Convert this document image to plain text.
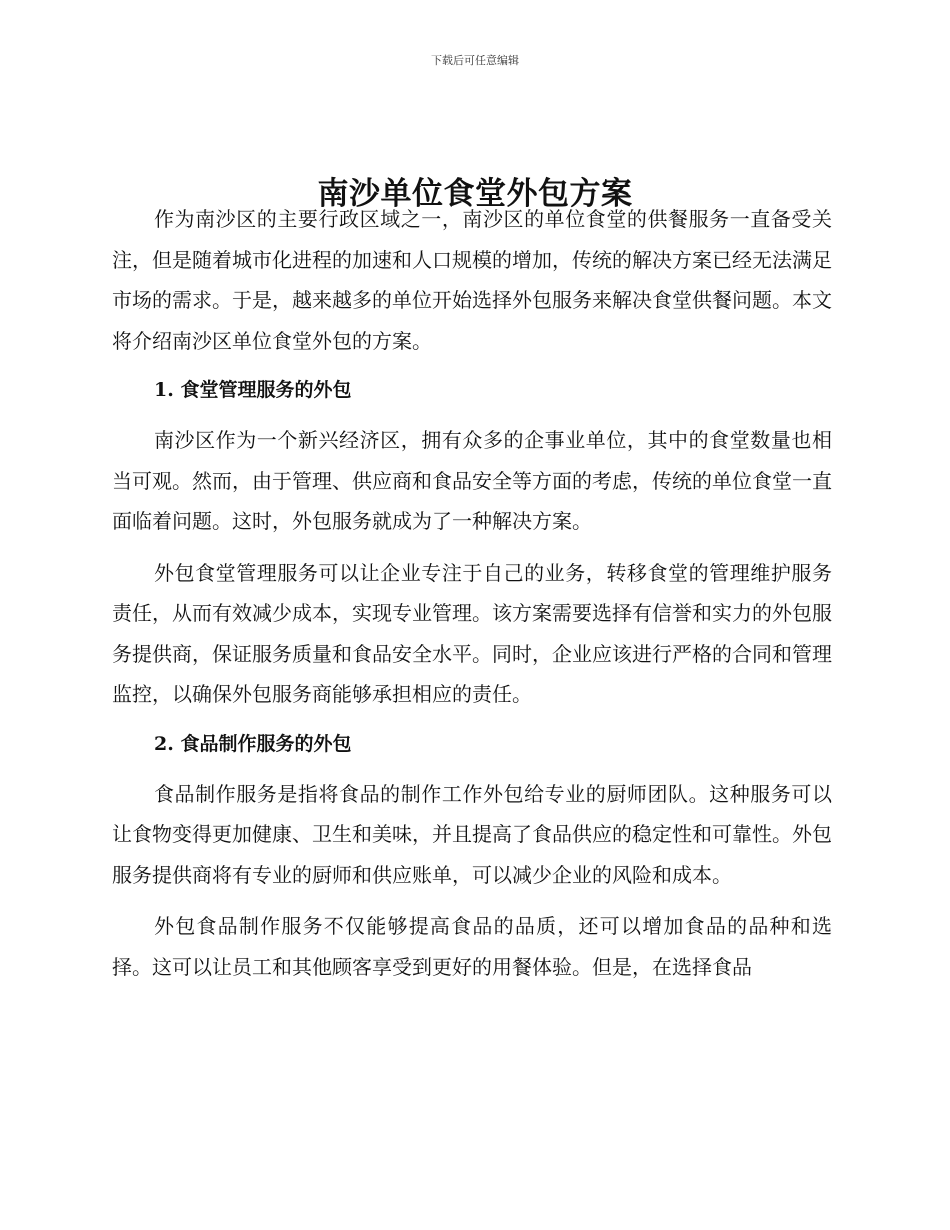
下载后可任意编辑
南沙单位食堂外包方案

作为南沙区的主要行政区域之一，南沙区的单位食堂的供餐服务一直备受关注，但是随着城市化进程的加速和人口规模的增加，传统的解决方案已经无法满足市场的需求。于是，越来越多的单位开始选择外包服务来解决食堂供餐问题。本文将介绍南沙区单位食堂外包的方案。

1. 食堂管理服务的外包

南沙区作为一个新兴经济区，拥有众多的企事业单位，其中的食堂数量也相当可观。然而，由于管理、供应商和食品安全等方面的考虑，传统的单位食堂一直面临着问题。这时，外包服务就成为了一种解决方案。

外包食堂管理服务可以让企业专注于自己的业务，转移食堂的管理维护服务责任，从而有效减少成本，实现专业管理。该方案需要选择有信誉和实力的外包服务提供商，保证服务质量和食品安全水平。同时，企业应该进行严格的合同和管理监控，以确保外包服务商能够承担相应的责任。

2. 食品制作服务的外包

食品制作服务是指将食品的制作工作外包给专业的厨师团队。这种服务可以让食物变得更加健康、卫生和美味，并且提高了食品供应的稳定性和可靠性。外包服务提供商将有专业的厨师和供应账单，可以减少企业的风险和成本。

外包食品制作服务不仅能够提高食品的品质，还可以增加食品的品种和选择。这可以让员工和其他顾客享受到更好的用餐体验。但是，在选择食品
